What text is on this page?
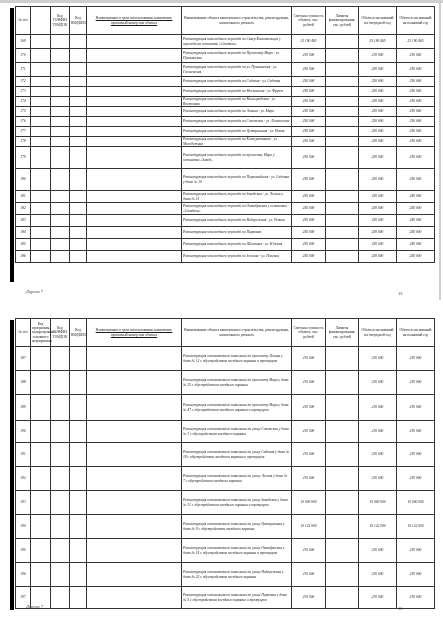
№ п/п		Код ТОНФИЗ ТОНДОК	Код ВИДФИЗ	Наименование и цели использования, назначение, проектный номер или объекта	Наименование объекта капитального строительства, реконструкции, капитального ремонта	Сметная стоимость объекта, тыс. рублей	Лимиты финансирования, тыс. рублей	Объем ассигнований на очередной год	Объем ассигнований на плановый год
169					Реконструкция пешеходного перехода по Сквер Комсомольцев у перехода на остановке «Стадион»	25 190 465		25 190 465	25 190 465
170					Реконструкция пешеходного перехода по Проспекту Мира - ул. Пушкинская	230 000		230 000	230 000
171					Реконструкция пешеходного перехода по ул. Пушкинская - ул. Гоголевская	250 000		250 000	250 000
172					Реконструкция пешеходного перехода по Садовая - ул. Садовая	250 000		250 000	250 000
173					Реконструкция пешеходного перехода по Московская - ул. Фрунзе	250 000		250 000	250 000
174					Реконструкция пешеходного перехода по Волгоградская - ул. Восточная	250 000		250 000	250 000
175					Реконструкция пешеходного перехода по Ленина - ул. Мира	250 000		250 000	250 000
176					Реконструкция пешеходного перехода по Советская - ул. Ломоносова	250 000		250 000	250 000
177					Реконструкция пешеходного перехода по Центральная - ул. Новая	250 000		250 000	250 000
178					Реконструкция пешеходного перехода по Кооперативная - ул. Молодежная	250 000		250 000	250 000
179					Реконструкция пешеходного перехода по проспекту Мира у остановки «Завод»	250 000		250 000	250 000
180					Реконструкция пешеходного перехода по Первомайская - ул. Садовая у дома № 10	250 000		250 000	250 000
181					Реконструкция пешеходного перехода по Заводская - ул. Лесная у дома № 15	250 000		250 000	250 000
182					Реконструкция пешеходного перехода по Октябрьская у остановки «Стадион»	250 000		250 000	250 000
183					Реконструкция пешеходного перехода по Набережная - ул. Речная	250 000		250 000	250 000
184					Реконструкция пешеходного перехода по Парковая	250 000		250 000	250 000
185					Реконструкция пешеходного перехода по Школьная - ул. Южная	250 000		250 000	250 000
186					Реконструкция пешеходного перехода по Зеленая - ул. Полевая	250 000		250 000	250 000
Дорога 7	15
№ п/п	Код программы, подпрограммы, основного мероприятия	Код ТОНФИЗ ТОНДОК	Код ВИДФИЗ	Наименование и цели использования, назначение, проектный номер или объекта	Наименование объекта капитального строительства, реконструкции, капитального ремонта	Сметная стоимость объекта, тыс. рублей	Лимиты финансирования, тыс. рублей	Объем ассигнований на очередной год	Объем ассигнований на плановый год
187					Реконструкция остановочного павильона по проспекту Ленина у дома № 12 с обустройством заездного кармана и тротуаров	230 000		230 000	230 000
188					Реконструкция остановочного павильона по проспекту Мира у дома № 25 с обустройством заездного кармана	230 000		230 000	230 000
189					Реконструкция остановочного павильона по проспекту Мира у дома № 47 с обустройством заездного кармана и тротуаров	230 000		230 000	230 000
190					Реконструкция остановочного павильона по улице Советская у дома № 3 с обустройством заездного кармана	230 000		230 000	230 000
191					Реконструкция остановочного павильона по улице Садовая у дома № 18 с обустройством заездного кармана и тротуаров	230 000		230 000	230 000
192					Реконструкция остановочного павильона по улице Лесная у дома № 7 с обустройством заездного кармана	230 000		230 000	230 000
193					Реконструкция остановочного павильона по улице Заводская у дома № 31 с обустройством заездного кармана и тротуаров	10 000 000		10 000 000	10 000 000
194					Реконструкция остановочного павильона по улице Центральная у дома № 9 с обустройством заездного кармана	10 122 000		10 122 000	10 122 000
195					Реконструкция остановочного павильона по улице Октябрьская у дома № 14 с обустройством заездного кармана и тротуаров	230 000		230 000	230 000
196					Реконструкция остановочного павильона по улице Набережная у дома № 22 с обустройством заездного кармана	230 000		230 000	230 000
197					Реконструкция остановочного павильона по улице Парковая у дома № 5 с обустройством заездного кармана и тротуаров	230 000		230 000	230 000
Дорога 7	16
